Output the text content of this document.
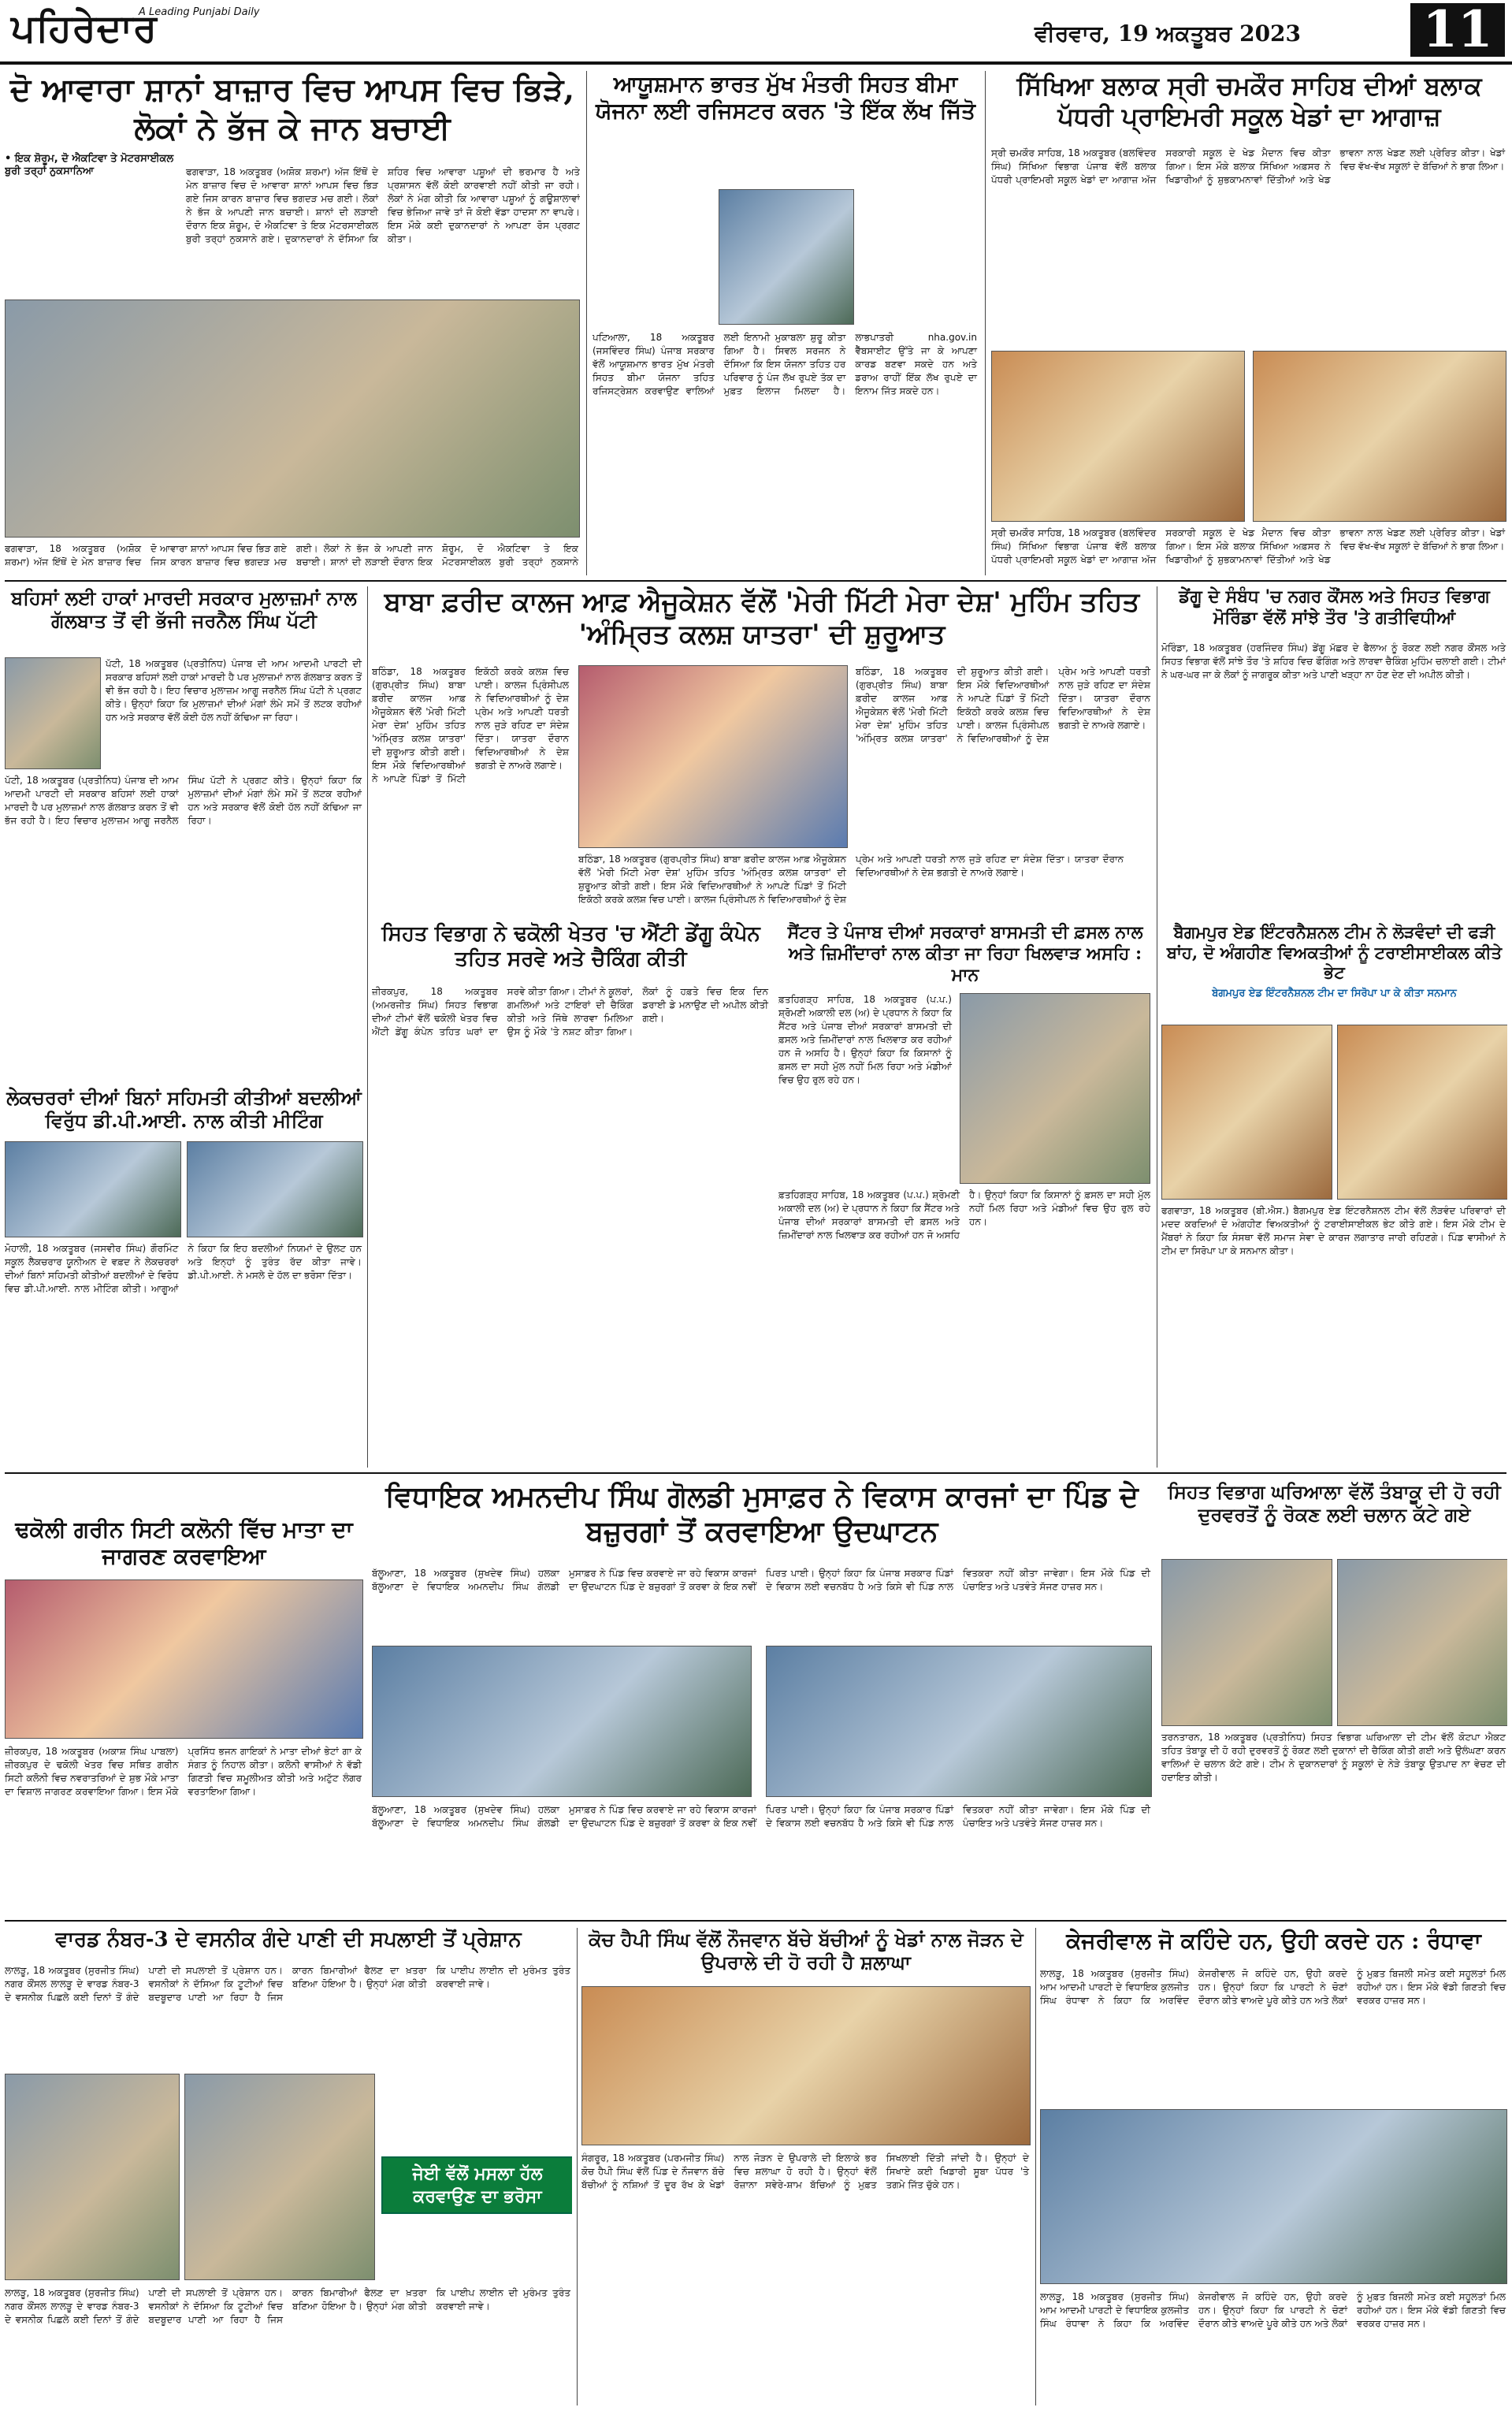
ਪਹਿਰੇਦਾਰ
A Leading Punjabi Daily
ਵੀਰਵਾਰ, 19 ਅਕਤੂਬਰ 2023	11
ਦੋ ਆਵਾਰਾ ਸ਼ਾਨਾਂ ਬਾਜ਼ਾਰ ਵਿਚ ਆਪਸ ਵਿਚ ਭਿੜੇ, ਲੋਕਾਂ ਨੇ ਭੱਜ ਕੇ ਜਾਨ ਬਚਾਈ
• ਇਕ ਸ਼ੋਰੂਮ, ਦੋ ਐਕਟਿਵਾ ਤੇ ਮੋਟਰਸਾਈਕਲ ਬੁਰੀ ਤਰ੍ਹਾਂ ਨੁਕਸਾਨਿਆ	ਫਗਵਾੜਾ, 18 ਅਕਤੂਬਰ (ਅਸ਼ੋਕ ਸ਼ਰਮਾ) ਅੱਜ ਇੱਥੋਂ ਦੇ ਮੇਨ ਬਾਜ਼ਾਰ ਵਿਚ ਦੋ ਆਵਾਰਾ ਸ਼ਾਨਾਂ ਆਪਸ ਵਿਚ ਭਿੜ ਗਏ ਜਿਸ ਕਾਰਨ ਬਾਜ਼ਾਰ ਵਿਚ ਭਗਦੜ ਮਚ ਗਈ। ਲੋਕਾਂ ਨੇ ਭੱਜ ਕੇ ਆਪਣੀ ਜਾਨ ਬਚਾਈ। ਸ਼ਾਨਾਂ ਦੀ ਲੜਾਈ ਦੌਰਾਨ ਇਕ ਸ਼ੋਰੂਮ, ਦੋ ਐਕਟਿਵਾ ਤੇ ਇਕ ਮੋਟਰਸਾਈਕਲ ਬੁਰੀ ਤਰ੍ਹਾਂ ਨੁਕਸਾਨੇ ਗਏ। ਦੁਕਾਨਦਾਰਾਂ ਨੇ ਦੱਸਿਆ ਕਿ ਸ਼ਹਿਰ ਵਿਚ ਆਵਾਰਾ ਪਸ਼ੂਆਂ ਦੀ ਭਰਮਾਰ ਹੈ ਅਤੇ ਪ੍ਰਸ਼ਾਸਨ ਵੱਲੋਂ ਕੋਈ ਕਾਰਵਾਈ ਨਹੀਂ ਕੀਤੀ ਜਾ ਰਹੀ। ਲੋਕਾਂ ਨੇ ਮੰਗ ਕੀਤੀ ਕਿ ਆਵਾਰਾ ਪਸ਼ੂਆਂ ਨੂੰ ਗਊਸ਼ਾਲਾਵਾਂ ਵਿਚ ਭੇਜਿਆ ਜਾਵੇ ਤਾਂ ਜੋ ਕੋਈ ਵੱਡਾ ਹਾਦਸਾ ਨਾ ਵਾਪਰੇ। ਇਸ ਮੌਕੇ ਕਈ ਦੁਕਾਨਦਾਰਾਂ ਨੇ ਆਪਣਾ ਰੋਸ ਪ੍ਰਗਟ ਕੀਤਾ।
ਫਗਵਾੜਾ, 18 ਅਕਤੂਬਰ (ਅਸ਼ੋਕ ਸ਼ਰਮਾ) ਅੱਜ ਇੱਥੋਂ ਦੇ ਮੇਨ ਬਾਜ਼ਾਰ ਵਿਚ ਦੋ ਆਵਾਰਾ ਸ਼ਾਨਾਂ ਆਪਸ ਵਿਚ ਭਿੜ ਗਏ ਜਿਸ ਕਾਰਨ ਬਾਜ਼ਾਰ ਵਿਚ ਭਗਦੜ ਮਚ ਗਈ। ਲੋਕਾਂ ਨੇ ਭੱਜ ਕੇ ਆਪਣੀ ਜਾਨ ਬਚਾਈ। ਸ਼ਾਨਾਂ ਦੀ ਲੜਾਈ ਦੌਰਾਨ ਇਕ ਸ਼ੋਰੂਮ, ਦੋ ਐਕਟਿਵਾ ਤੇ ਇਕ ਮੋਟਰਸਾਈਕਲ ਬੁਰੀ ਤਰ੍ਹਾਂ ਨੁਕਸਾਨੇ
ਆਯੂਸ਼ਮਾਨ ਭਾਰਤ ਮੁੱਖ ਮੰਤਰੀ ਸਿਹਤ ਬੀਮਾ ਯੋਜਨਾ ਲਈ ਰਜਿਸਟਰ ਕਰਨ 'ਤੇ ਇੱਕ ਲੱਖ ਜਿੱਤੋ
ਪਟਿਆਲਾ, 18 ਅਕਤੂਬਰ (ਜਸਵਿੰਦਰ ਸਿੰਘ) ਪੰਜਾਬ ਸਰਕਾਰ ਵੱਲੋਂ ਆਯੂਸ਼ਮਾਨ ਭਾਰਤ ਮੁੱਖ ਮੰਤਰੀ ਸਿਹਤ ਬੀਮਾ ਯੋਜਨਾ ਤਹਿਤ ਰਜਿਸਟ੍ਰੇਸ਼ਨ ਕਰਵਾਉਣ ਵਾਲਿਆਂ ਲਈ ਇਨਾਮੀ ਮੁਕਾਬਲਾ ਸ਼ੁਰੂ ਕੀਤਾ ਗਿਆ ਹੈ। ਸਿਵਲ ਸਰਜਨ ਨੇ ਦੱਸਿਆ ਕਿ ਇਸ ਯੋਜਨਾ ਤਹਿਤ ਹਰ ਪਰਿਵਾਰ ਨੂੰ ਪੰਜ ਲੱਖ ਰੁਪਏ ਤੱਕ ਦਾ ਮੁਫ਼ਤ ਇਲਾਜ ਮਿਲਦਾ ਹੈ। ਲਾਭਪਾਤਰੀ nha.gov.in ਵੈੱਬਸਾਈਟ ਉੱਤੇ ਜਾ ਕੇ ਆਪਣਾ ਕਾਰਡ ਬਣਵਾ ਸਕਦੇ ਹਨ ਅਤੇ ਡਰਾਅ ਰਾਹੀਂ ਇੱਕ ਲੱਖ ਰੁਪਏ ਦਾ ਇਨਾਮ ਜਿੱਤ ਸਕਦੇ ਹਨ।
ਸਿੱਖਿਆ ਬਲਾਕ ਸ੍ਰੀ ਚਮਕੌਰ ਸਾਹਿਬ ਦੀਆਂ ਬਲਾਕ ਪੱਧਰੀ ਪ੍ਰਾਇਮਰੀ ਸਕੂਲ ਖੇਡਾਂ ਦਾ ਆਗਾਜ਼
ਸ੍ਰੀ ਚਮਕੌਰ ਸਾਹਿਬ, 18 ਅਕਤੂਬਰ (ਬਲਵਿੰਦਰ ਸਿੰਘ) ਸਿੱਖਿਆ ਵਿਭਾਗ ਪੰਜਾਬ ਵੱਲੋਂ ਬਲਾਕ ਪੱਧਰੀ ਪ੍ਰਾਇਮਰੀ ਸਕੂਲ ਖੇਡਾਂ ਦਾ ਆਗਾਜ਼ ਅੱਜ ਸਰਕਾਰੀ ਸਕੂਲ ਦੇ ਖੇਡ ਮੈਦਾਨ ਵਿਚ ਕੀਤਾ ਗਿਆ। ਇਸ ਮੌਕੇ ਬਲਾਕ ਸਿੱਖਿਆ ਅਫ਼ਸਰ ਨੇ ਖਿਡਾਰੀਆਂ ਨੂੰ ਸ਼ੁਭਕਾਮਨਾਵਾਂ ਦਿੱਤੀਆਂ ਅਤੇ ਖੇਡ ਭਾਵਨਾ ਨਾਲ ਖੇਡਣ ਲਈ ਪ੍ਰੇਰਿਤ ਕੀਤਾ। ਖੇਡਾਂ ਵਿਚ ਵੱਖ-ਵੱਖ ਸਕੂਲਾਂ ਦੇ ਬੱਚਿਆਂ ਨੇ ਭਾਗ ਲਿਆ।
ਸ੍ਰੀ ਚਮਕੌਰ ਸਾਹਿਬ, 18 ਅਕਤੂਬਰ (ਬਲਵਿੰਦਰ ਸਿੰਘ) ਸਿੱਖਿਆ ਵਿਭਾਗ ਪੰਜਾਬ ਵੱਲੋਂ ਬਲਾਕ ਪੱਧਰੀ ਪ੍ਰਾਇਮਰੀ ਸਕੂਲ ਖੇਡਾਂ ਦਾ ਆਗਾਜ਼ ਅੱਜ ਸਰਕਾਰੀ ਸਕੂਲ ਦੇ ਖੇਡ ਮੈਦਾਨ ਵਿਚ ਕੀਤਾ ਗਿਆ। ਇਸ ਮੌਕੇ ਬਲਾਕ ਸਿੱਖਿਆ ਅਫ਼ਸਰ ਨੇ ਖਿਡਾਰੀਆਂ ਨੂੰ ਸ਼ੁਭਕਾਮਨਾਵਾਂ ਦਿੱਤੀਆਂ ਅਤੇ ਖੇਡ ਭਾਵਨਾ ਨਾਲ ਖੇਡਣ ਲਈ ਪ੍ਰੇਰਿਤ ਕੀਤਾ। ਖੇਡਾਂ ਵਿਚ ਵੱਖ-ਵੱਖ ਸਕੂਲਾਂ ਦੇ ਬੱਚਿਆਂ ਨੇ ਭਾਗ ਲਿਆ।
ਬਹਿਸਾਂ ਲਈ ਹਾਕਾਂ ਮਾਰਦੀ ਸਰਕਾਰ ਮੁਲਾਜ਼ਮਾਂ ਨਾਲ ਗੱਲਬਾਤ ਤੋਂ ਵੀ ਭੱਜੀ ਜਰਨੈਲ ਸਿੰਘ ਪੱਟੀ
ਪੱਟੀ, 18 ਅਕਤੂਬਰ (ਪ੍ਰਤੀਨਿਧ) ਪੰਜਾਬ ਦੀ ਆਮ ਆਦਮੀ ਪਾਰਟੀ ਦੀ ਸਰਕਾਰ ਬਹਿਸਾਂ ਲਈ ਹਾਕਾਂ ਮਾਰਦੀ ਹੈ ਪਰ ਮੁਲਾਜ਼ਮਾਂ ਨਾਲ ਗੱਲਬਾਤ ਕਰਨ ਤੋਂ ਵੀ ਭੱਜ ਰਹੀ ਹੈ। ਇਹ ਵਿਚਾਰ ਮੁਲਾਜ਼ਮ ਆਗੂ ਜਰਨੈਲ ਸਿੰਘ ਪੱਟੀ ਨੇ ਪ੍ਰਗਟ ਕੀਤੇ। ਉਨ੍ਹਾਂ ਕਿਹਾ ਕਿ ਮੁਲਾਜ਼ਮਾਂ ਦੀਆਂ ਮੰਗਾਂ ਲੰਮੇ ਸਮੇਂ ਤੋਂ ਲਟਕ ਰਹੀਆਂ ਹਨ ਅਤੇ ਸਰਕਾਰ ਵੱਲੋਂ ਕੋਈ ਹੱਲ ਨਹੀਂ ਕੱਢਿਆ ਜਾ ਰਿਹਾ।
ਪੱਟੀ, 18 ਅਕਤੂਬਰ (ਪ੍ਰਤੀਨਿਧ) ਪੰਜਾਬ ਦੀ ਆਮ ਆਦਮੀ ਪਾਰਟੀ ਦੀ ਸਰਕਾਰ ਬਹਿਸਾਂ ਲਈ ਹਾਕਾਂ ਮਾਰਦੀ ਹੈ ਪਰ ਮੁਲਾਜ਼ਮਾਂ ਨਾਲ ਗੱਲਬਾਤ ਕਰਨ ਤੋਂ ਵੀ ਭੱਜ ਰਹੀ ਹੈ। ਇਹ ਵਿਚਾਰ ਮੁਲਾਜ਼ਮ ਆਗੂ ਜਰਨੈਲ ਸਿੰਘ ਪੱਟੀ ਨੇ ਪ੍ਰਗਟ ਕੀਤੇ। ਉਨ੍ਹਾਂ ਕਿਹਾ ਕਿ ਮੁਲਾਜ਼ਮਾਂ ਦੀਆਂ ਮੰਗਾਂ ਲੰਮੇ ਸਮੇਂ ਤੋਂ ਲਟਕ ਰਹੀਆਂ ਹਨ ਅਤੇ ਸਰਕਾਰ ਵੱਲੋਂ ਕੋਈ ਹੱਲ ਨਹੀਂ ਕੱਢਿਆ ਜਾ ਰਿਹਾ।
ਬਾਬਾ ਫ਼ਰੀਦ ਕਾਲਜ ਆਫ਼ ਐਜੂਕੇਸ਼ਨ ਵੱਲੋਂ 'ਮੇਰੀ ਮਿੱਟੀ ਮੇਰਾ ਦੇਸ਼' ਮੁਹਿੰਮ ਤਹਿਤ 'ਅੰਮ੍ਰਿਤ ਕਲਸ਼ ਯਾਤਰਾ' ਦੀ ਸ਼ੁਰੂਆਤ
ਬਠਿੰਡਾ, 18 ਅਕਤੂਬਰ (ਗੁਰਪ੍ਰੀਤ ਸਿੰਘ) ਬਾਬਾ ਫ਼ਰੀਦ ਕਾਲਜ ਆਫ਼ ਐਜੂਕੇਸ਼ਨ ਵੱਲੋਂ 'ਮੇਰੀ ਮਿੱਟੀ ਮੇਰਾ ਦੇਸ਼' ਮੁਹਿੰਮ ਤਹਿਤ 'ਅੰਮ੍ਰਿਤ ਕਲਸ਼ ਯਾਤਰਾ' ਦੀ ਸ਼ੁਰੂਆਤ ਕੀਤੀ ਗਈ। ਇਸ ਮੌਕੇ ਵਿਦਿਆਰਥੀਆਂ ਨੇ ਆਪਣੇ ਪਿੰਡਾਂ ਤੋਂ ਮਿੱਟੀ ਇਕੱਠੀ ਕਰਕੇ ਕਲਸ਼ ਵਿਚ ਪਾਈ। ਕਾਲਜ ਪ੍ਰਿੰਸੀਪਲ ਨੇ ਵਿਦਿਆਰਥੀਆਂ ਨੂੰ ਦੇਸ਼ ਪ੍ਰੇਮ ਅਤੇ ਆਪਣੀ ਧਰਤੀ ਨਾਲ ਜੁੜੇ ਰਹਿਣ ਦਾ ਸੰਦੇਸ਼ ਦਿੱਤਾ। ਯਾਤਰਾ ਦੌਰਾਨ ਵਿਦਿਆਰਥੀਆਂ ਨੇ ਦੇਸ਼ ਭਗਤੀ ਦੇ ਨਾਅਰੇ ਲਗਾਏ।
ਬਠਿੰਡਾ, 18 ਅਕਤੂਬਰ (ਗੁਰਪ੍ਰੀਤ ਸਿੰਘ) ਬਾਬਾ ਫ਼ਰੀਦ ਕਾਲਜ ਆਫ਼ ਐਜੂਕੇਸ਼ਨ ਵੱਲੋਂ 'ਮੇਰੀ ਮਿੱਟੀ ਮੇਰਾ ਦੇਸ਼' ਮੁਹਿੰਮ ਤਹਿਤ 'ਅੰਮ੍ਰਿਤ ਕਲਸ਼ ਯਾਤਰਾ' ਦੀ ਸ਼ੁਰੂਆਤ ਕੀਤੀ ਗਈ। ਇਸ ਮੌਕੇ ਵਿਦਿਆਰਥੀਆਂ ਨੇ ਆਪਣੇ ਪਿੰਡਾਂ ਤੋਂ ਮਿੱਟੀ ਇਕੱਠੀ ਕਰਕੇ ਕਲਸ਼ ਵਿਚ ਪਾਈ। ਕਾਲਜ ਪ੍ਰਿੰਸੀਪਲ ਨੇ ਵਿਦਿਆਰਥੀਆਂ ਨੂੰ ਦੇਸ਼ ਪ੍ਰੇਮ ਅਤੇ ਆਪਣੀ ਧਰਤੀ ਨਾਲ ਜੁੜੇ ਰਹਿਣ ਦਾ ਸੰਦੇਸ਼ ਦਿੱਤਾ। ਯਾਤਰਾ ਦੌਰਾਨ ਵਿਦਿਆਰਥੀਆਂ ਨੇ ਦੇਸ਼ ਭਗਤੀ ਦੇ ਨਾਅਰੇ ਲਗਾਏ।
ਬਠਿੰਡਾ, 18 ਅਕਤੂਬਰ (ਗੁਰਪ੍ਰੀਤ ਸਿੰਘ) ਬਾਬਾ ਫ਼ਰੀਦ ਕਾਲਜ ਆਫ਼ ਐਜੂਕੇਸ਼ਨ ਵੱਲੋਂ 'ਮੇਰੀ ਮਿੱਟੀ ਮੇਰਾ ਦੇਸ਼' ਮੁਹਿੰਮ ਤਹਿਤ 'ਅੰਮ੍ਰਿਤ ਕਲਸ਼ ਯਾਤਰਾ' ਦੀ ਸ਼ੁਰੂਆਤ ਕੀਤੀ ਗਈ। ਇਸ ਮੌਕੇ ਵਿਦਿਆਰਥੀਆਂ ਨੇ ਆਪਣੇ ਪਿੰਡਾਂ ਤੋਂ ਮਿੱਟੀ ਇਕੱਠੀ ਕਰਕੇ ਕਲਸ਼ ਵਿਚ ਪਾਈ। ਕਾਲਜ ਪ੍ਰਿੰਸੀਪਲ ਨੇ ਵਿਦਿਆਰਥੀਆਂ ਨੂੰ ਦੇਸ਼ ਪ੍ਰੇਮ ਅਤੇ ਆਪਣੀ ਧਰਤੀ ਨਾਲ ਜੁੜੇ ਰਹਿਣ ਦਾ ਸੰਦੇਸ਼ ਦਿੱਤਾ। ਯਾਤਰਾ ਦੌਰਾਨ ਵਿਦਿਆਰਥੀਆਂ ਨੇ ਦੇਸ਼ ਭਗਤੀ ਦੇ ਨਾਅਰੇ ਲਗਾਏ।
ਡੇਂਗੂ ਦੇ ਸੰਬੰਧ 'ਚ ਨਗਰ ਕੌਂਸਲ ਅਤੇ ਸਿਹਤ ਵਿਭਾਗ ਮੋਰਿੰਡਾ ਵੱਲੋਂ ਸਾਂਝੇ ਤੌਰ 'ਤੇ ਗਤੀਵਿਧੀਆਂ
ਮੋਰਿੰਡਾ, 18 ਅਕਤੂਬਰ (ਹਰਜਿੰਦਰ ਸਿੰਘ) ਡੇਂਗੂ ਮੱਛਰ ਦੇ ਫੈਲਾਅ ਨੂੰ ਰੋਕਣ ਲਈ ਨਗਰ ਕੌਂਸਲ ਅਤੇ ਸਿਹਤ ਵਿਭਾਗ ਵੱਲੋਂ ਸਾਂਝੇ ਤੌਰ 'ਤੇ ਸ਼ਹਿਰ ਵਿਚ ਫੌਗਿੰਗ ਅਤੇ ਲਾਰਵਾ ਚੈਕਿੰਗ ਮੁਹਿੰਮ ਚਲਾਈ ਗਈ। ਟੀਮਾਂ ਨੇ ਘਰ-ਘਰ ਜਾ ਕੇ ਲੋਕਾਂ ਨੂੰ ਜਾਗਰੂਕ ਕੀਤਾ ਅਤੇ ਪਾਣੀ ਖੜ੍ਹਾ ਨਾ ਹੋਣ ਦੇਣ ਦੀ ਅਪੀਲ ਕੀਤੀ।
ਲੇਕਚਰਰਾਂ ਦੀਆਂ ਬਿਨਾਂ ਸਹਿਮਤੀ ਕੀਤੀਆਂ ਬਦਲੀਆਂ ਵਿਰੁੱਧ ਡੀ.ਪੀ.ਆਈ. ਨਾਲ ਕੀਤੀ ਮੀਟਿੰਗ
ਮੋਹਾਲੀ, 18 ਅਕਤੂਬਰ (ਜਸਵੀਰ ਸਿੰਘ) ਗੌਰਮਿੰਟ ਸਕੂਲ ਲੈਕਚਰਾਰ ਯੂਨੀਅਨ ਦੇ ਵਫ਼ਦ ਨੇ ਲੇਕਚਰਰਾਂ ਦੀਆਂ ਬਿਨਾਂ ਸਹਿਮਤੀ ਕੀਤੀਆਂ ਬਦਲੀਆਂ ਦੇ ਵਿਰੋਧ ਵਿਚ ਡੀ.ਪੀ.ਆਈ. ਨਾਲ ਮੀਟਿੰਗ ਕੀਤੀ। ਆਗੂਆਂ ਨੇ ਕਿਹਾ ਕਿ ਇਹ ਬਦਲੀਆਂ ਨਿਯਮਾਂ ਦੇ ਉਲਟ ਹਨ ਅਤੇ ਇਨ੍ਹਾਂ ਨੂੰ ਤੁਰੰਤ ਰੱਦ ਕੀਤਾ ਜਾਵੇ। ਡੀ.ਪੀ.ਆਈ. ਨੇ ਮਸਲੇ ਦੇ ਹੱਲ ਦਾ ਭਰੋਸਾ ਦਿੱਤਾ।
ਸਿਹਤ ਵਿਭਾਗ ਨੇ ਢਕੋਲੀ ਖੇਤਰ 'ਚ ਐਂਟੀ ਡੇਂਗੂ ਕੰਪੇਨ ਤਹਿਤ ਸਰਵੇ ਅਤੇ ਚੈਕਿੰਗ ਕੀਤੀ
ਜ਼ੀਰਕਪੁਰ, 18 ਅਕਤੂਬਰ (ਅਮਰਜੀਤ ਸਿੰਘ) ਸਿਹਤ ਵਿਭਾਗ ਦੀਆਂ ਟੀਮਾਂ ਵੱਲੋਂ ਢਕੋਲੀ ਖੇਤਰ ਵਿਚ ਐਂਟੀ ਡੇਂਗੂ ਕੰਪੇਨ ਤਹਿਤ ਘਰਾਂ ਦਾ ਸਰਵੇ ਕੀਤਾ ਗਿਆ। ਟੀਮਾਂ ਨੇ ਕੂਲਰਾਂ, ਗਮਲਿਆਂ ਅਤੇ ਟਾਇਰਾਂ ਦੀ ਚੈਕਿੰਗ ਕੀਤੀ ਅਤੇ ਜਿੱਥੇ ਲਾਰਵਾ ਮਿਲਿਆ ਉਸ ਨੂੰ ਮੌਕੇ 'ਤੇ ਨਸ਼ਟ ਕੀਤਾ ਗਿਆ। ਲੋਕਾਂ ਨੂੰ ਹਫ਼ਤੇ ਵਿਚ ਇਕ ਦਿਨ ਡਰਾਈ ਡੇ ਮਨਾਉਣ ਦੀ ਅਪੀਲ ਕੀਤੀ ਗਈ।
ਸੈਂਟਰ ਤੇ ਪੰਜਾਬ ਦੀਆਂ ਸਰਕਾਰਾਂ ਬਾਸਮਤੀ ਦੀ ਫ਼ਸਲ ਨਾਲ ਅਤੇ ਜ਼ਿਮੀਂਦਾਰਾਂ ਨਾਲ ਕੀਤਾ ਜਾ ਰਿਹਾ ਖਿਲਵਾੜ ਅਸਹਿ : ਮਾਨ
ਫ਼ਤਹਿਗੜ੍ਹ ਸਾਹਿਬ, 18 ਅਕਤੂਬਰ (ਪ.ਪ.) ਸ਼੍ਰੋਮਣੀ ਅਕਾਲੀ ਦਲ (ਅ) ਦੇ ਪ੍ਰਧਾਨ ਨੇ ਕਿਹਾ ਕਿ ਸੈਂਟਰ ਅਤੇ ਪੰਜਾਬ ਦੀਆਂ ਸਰਕਾਰਾਂ ਬਾਸਮਤੀ ਦੀ ਫ਼ਸਲ ਅਤੇ ਜ਼ਿਮੀਂਦਾਰਾਂ ਨਾਲ ਖਿਲਵਾੜ ਕਰ ਰਹੀਆਂ ਹਨ ਜੋ ਅਸਹਿ ਹੈ। ਉਨ੍ਹਾਂ ਕਿਹਾ ਕਿ ਕਿਸਾਨਾਂ ਨੂੰ ਫ਼ਸਲ ਦਾ ਸਹੀ ਮੁੱਲ ਨਹੀਂ ਮਿਲ ਰਿਹਾ ਅਤੇ ਮੰਡੀਆਂ ਵਿਚ ਉਹ ਰੁਲ ਰਹੇ ਹਨ।
ਫ਼ਤਹਿਗੜ੍ਹ ਸਾਹਿਬ, 18 ਅਕਤੂਬਰ (ਪ.ਪ.) ਸ਼੍ਰੋਮਣੀ ਅਕਾਲੀ ਦਲ (ਅ) ਦੇ ਪ੍ਰਧਾਨ ਨੇ ਕਿਹਾ ਕਿ ਸੈਂਟਰ ਅਤੇ ਪੰਜਾਬ ਦੀਆਂ ਸਰਕਾਰਾਂ ਬਾਸਮਤੀ ਦੀ ਫ਼ਸਲ ਅਤੇ ਜ਼ਿਮੀਂਦਾਰਾਂ ਨਾਲ ਖਿਲਵਾੜ ਕਰ ਰਹੀਆਂ ਹਨ ਜੋ ਅਸਹਿ ਹੈ। ਉਨ੍ਹਾਂ ਕਿਹਾ ਕਿ ਕਿਸਾਨਾਂ ਨੂੰ ਫ਼ਸਲ ਦਾ ਸਹੀ ਮੁੱਲ ਨਹੀਂ ਮਿਲ ਰਿਹਾ ਅਤੇ ਮੰਡੀਆਂ ਵਿਚ ਉਹ ਰੁਲ ਰਹੇ ਹਨ।
ਬੈਗਮਪੁਰ ਏਡ ਇੰਟਰਨੈਸ਼ਨਲ ਟੀਮ ਨੇ ਲੋੜਵੰਦਾਂ ਦੀ ਫੜੀ ਬਾਂਹ, ਦੋ ਅੰਗਹੀਣ ਵਿਅਕਤੀਆਂ ਨੂੰ ਟਰਾਈਸਾਈਕਲ ਕੀਤੇ ਭੇਟ
ਬੇਗਮਪੁਰ ਏਡ ਇੰਟਰਨੈਸ਼ਨਲ ਟੀਮ ਦਾ ਸਿਰੋਪਾ ਪਾ ਕੇ ਕੀਤਾ ਸਨਮਾਨ
ਫਗਵਾੜਾ, 18 ਅਕਤੂਬਰ (ਬੀ.ਐਸ.) ਬੈਗਮਪੁਰ ਏਡ ਇੰਟਰਨੈਸ਼ਨਲ ਟੀਮ ਵੱਲੋਂ ਲੋੜਵੰਦ ਪਰਿਵਾਰਾਂ ਦੀ ਮਦਦ ਕਰਦਿਆਂ ਦੋ ਅੰਗਹੀਣ ਵਿਅਕਤੀਆਂ ਨੂੰ ਟਰਾਈਸਾਈਕਲ ਭੇਟ ਕੀਤੇ ਗਏ। ਇਸ ਮੌਕੇ ਟੀਮ ਦੇ ਮੈਂਬਰਾਂ ਨੇ ਕਿਹਾ ਕਿ ਸੰਸਥਾ ਵੱਲੋਂ ਸਮਾਜ ਸੇਵਾ ਦੇ ਕਾਰਜ ਲਗਾਤਾਰ ਜਾਰੀ ਰਹਿਣਗੇ। ਪਿੰਡ ਵਾਸੀਆਂ ਨੇ ਟੀਮ ਦਾ ਸਿਰੋਪਾ ਪਾ ਕੇ ਸਨਮਾਨ ਕੀਤਾ।
ਢਕੋਲੀ ਗਰੀਨ ਸਿਟੀ ਕਲੋਨੀ ਵਿੱਚ ਮਾਤਾ ਦਾ ਜਾਗਰਣ ਕਰਵਾਇਆ
ਜ਼ੀਰਕਪੁਰ, 18 ਅਕਤੂਬਰ (ਅਕਾਸ਼ ਸਿੰਘ ਪਾਬਲਾ) ਜ਼ੀਰਕਪੁਰ ਦੇ ਢਕੋਲੀ ਖੇਤਰ ਵਿਚ ਸਥਿਤ ਗਰੀਨ ਸਿਟੀ ਕਲੋਨੀ ਵਿਚ ਨਵਰਾਤਰਿਆਂ ਦੇ ਸ਼ੁਭ ਮੌਕੇ ਮਾਤਾ ਦਾ ਵਿਸ਼ਾਲ ਜਾਗਰਣ ਕਰਵਾਇਆ ਗਿਆ। ਇਸ ਮੌਕੇ ਪ੍ਰਸਿੱਧ ਭਜਨ ਗਾਇਕਾਂ ਨੇ ਮਾਤਾ ਦੀਆਂ ਭੇਟਾਂ ਗਾ ਕੇ ਸੰਗਤ ਨੂੰ ਨਿਹਾਲ ਕੀਤਾ। ਕਲੋਨੀ ਵਾਸੀਆਂ ਨੇ ਵੱਡੀ ਗਿਣਤੀ ਵਿਚ ਸ਼ਮੂਲੀਅਤ ਕੀਤੀ ਅਤੇ ਅਟੁੱਟ ਲੰਗਰ ਵਰਤਾਇਆ ਗਿਆ।
ਵਿਧਾਇਕ ਅਮਨਦੀਪ ਸਿੰਘ ਗੋਲਡੀ ਮੁਸਾਫ਼ਰ ਨੇ ਵਿਕਾਸ ਕਾਰਜਾਂ ਦਾ ਪਿੰਡ ਦੇ ਬਜ਼ੁਰਗਾਂ ਤੋਂ ਕਰਵਾਇਆ ਉਦਘਾਟਨ
ਬੱਲੂਆਣਾ, 18 ਅਕਤੂਬਰ (ਸੁਖਦੇਵ ਸਿੰਘ) ਹਲਕਾ ਬੱਲੂਆਣਾ ਦੇ ਵਿਧਾਇਕ ਅਮਨਦੀਪ ਸਿੰਘ ਗੋਲਡੀ ਮੁਸਾਫ਼ਰ ਨੇ ਪਿੰਡ ਵਿਚ ਕਰਵਾਏ ਜਾ ਰਹੇ ਵਿਕਾਸ ਕਾਰਜਾਂ ਦਾ ਉਦਘਾਟਨ ਪਿੰਡ ਦੇ ਬਜ਼ੁਰਗਾਂ ਤੋਂ ਕਰਵਾ ਕੇ ਇਕ ਨਵੀਂ ਪਿਰਤ ਪਾਈ। ਉਨ੍ਹਾਂ ਕਿਹਾ ਕਿ ਪੰਜਾਬ ਸਰਕਾਰ ਪਿੰਡਾਂ ਦੇ ਵਿਕਾਸ ਲਈ ਵਚਨਬੱਧ ਹੈ ਅਤੇ ਕਿਸੇ ਵੀ ਪਿੰਡ ਨਾਲ ਵਿਤਕਰਾ ਨਹੀਂ ਕੀਤਾ ਜਾਵੇਗਾ। ਇਸ ਮੌਕੇ ਪਿੰਡ ਦੀ ਪੰਚਾਇਤ ਅਤੇ ਪਤਵੰਤੇ ਸੱਜਣ ਹਾਜ਼ਰ ਸਨ।
ਬੱਲੂਆਣਾ, 18 ਅਕਤੂਬਰ (ਸੁਖਦੇਵ ਸਿੰਘ) ਹਲਕਾ ਬੱਲੂਆਣਾ ਦੇ ਵਿਧਾਇਕ ਅਮਨਦੀਪ ਸਿੰਘ ਗੋਲਡੀ ਮੁਸਾਫ਼ਰ ਨੇ ਪਿੰਡ ਵਿਚ ਕਰਵਾਏ ਜਾ ਰਹੇ ਵਿਕਾਸ ਕਾਰਜਾਂ ਦਾ ਉਦਘਾਟਨ ਪਿੰਡ ਦੇ ਬਜ਼ੁਰਗਾਂ ਤੋਂ ਕਰਵਾ ਕੇ ਇਕ ਨਵੀਂ ਪਿਰਤ ਪਾਈ। ਉਨ੍ਹਾਂ ਕਿਹਾ ਕਿ ਪੰਜਾਬ ਸਰਕਾਰ ਪਿੰਡਾਂ ਦੇ ਵਿਕਾਸ ਲਈ ਵਚਨਬੱਧ ਹੈ ਅਤੇ ਕਿਸੇ ਵੀ ਪਿੰਡ ਨਾਲ ਵਿਤਕਰਾ ਨਹੀਂ ਕੀਤਾ ਜਾਵੇਗਾ। ਇਸ ਮੌਕੇ ਪਿੰਡ ਦੀ ਪੰਚਾਇਤ ਅਤੇ ਪਤਵੰਤੇ ਸੱਜਣ ਹਾਜ਼ਰ ਸਨ।
ਸਿਹਤ ਵਿਭਾਗ ਘਰਿਆਲਾ ਵੱਲੋਂ ਤੰਬਾਕੂ ਦੀ ਹੋ ਰਹੀ ਦੁਰਵਰਤੋਂ ਨੂੰ ਰੋਕਣ ਲਈ ਚਲਾਨ ਕੱਟੇ ਗਏ
ਤਰਨਤਾਰਨ, 18 ਅਕਤੂਬਰ (ਪ੍ਰਤੀਨਿਧ) ਸਿਹਤ ਵਿਭਾਗ ਘਰਿਆਲਾ ਦੀ ਟੀਮ ਵੱਲੋਂ ਕੋਟਪਾ ਐਕਟ ਤਹਿਤ ਤੰਬਾਕੂ ਦੀ ਹੋ ਰਹੀ ਦੁਰਵਰਤੋਂ ਨੂੰ ਰੋਕਣ ਲਈ ਦੁਕਾਨਾਂ ਦੀ ਚੈਕਿੰਗ ਕੀਤੀ ਗਈ ਅਤੇ ਉਲੰਘਣਾ ਕਰਨ ਵਾਲਿਆਂ ਦੇ ਚਲਾਨ ਕੱਟੇ ਗਏ। ਟੀਮ ਨੇ ਦੁਕਾਨਦਾਰਾਂ ਨੂੰ ਸਕੂਲਾਂ ਦੇ ਨੇੜੇ ਤੰਬਾਕੂ ਉਤਪਾਦ ਨਾ ਵੇਚਣ ਦੀ ਹਦਾਇਤ ਕੀਤੀ।
ਵਾਰਡ ਨੰਬਰ-3 ਦੇ ਵਸਨੀਕ ਗੰਦੇ ਪਾਣੀ ਦੀ ਸਪਲਾਈ ਤੋਂ ਪ੍ਰੇਸ਼ਾਨ
ਲਾਲੜੂ, 18 ਅਕਤੂਬਰ (ਸੁਰਜੀਤ ਸਿੰਘ) ਨਗਰ ਕੌਂਸਲ ਲਾਲੜੂ ਦੇ ਵਾਰਡ ਨੰਬਰ-3 ਦੇ ਵਸਨੀਕ ਪਿਛਲੇ ਕਈ ਦਿਨਾਂ ਤੋਂ ਗੰਦੇ ਪਾਣੀ ਦੀ ਸਪਲਾਈ ਤੋਂ ਪ੍ਰੇਸ਼ਾਨ ਹਨ। ਵਸਨੀਕਾਂ ਨੇ ਦੱਸਿਆ ਕਿ ਟੂਟੀਆਂ ਵਿਚ ਬਦਬੂਦਾਰ ਪਾਣੀ ਆ ਰਿਹਾ ਹੈ ਜਿਸ ਕਾਰਨ ਬਿਮਾਰੀਆਂ ਫੈਲਣ ਦਾ ਖ਼ਤਰਾ ਬਣਿਆ ਹੋਇਆ ਹੈ। ਉਨ੍ਹਾਂ ਮੰਗ ਕੀਤੀ ਕਿ ਪਾਈਪ ਲਾਈਨ ਦੀ ਮੁਰੰਮਤ ਤੁਰੰਤ ਕਰਵਾਈ ਜਾਵੇ।
ਜੇਈ ਵੱਲੋਂ ਮਸਲਾ ਹੱਲ ਕਰਵਾਉਣ ਦਾ ਭਰੋਸਾ
ਲਾਲੜੂ, 18 ਅਕਤੂਬਰ (ਸੁਰਜੀਤ ਸਿੰਘ) ਨਗਰ ਕੌਂਸਲ ਲਾਲੜੂ ਦੇ ਵਾਰਡ ਨੰਬਰ-3 ਦੇ ਵਸਨੀਕ ਪਿਛਲੇ ਕਈ ਦਿਨਾਂ ਤੋਂ ਗੰਦੇ ਪਾਣੀ ਦੀ ਸਪਲਾਈ ਤੋਂ ਪ੍ਰੇਸ਼ਾਨ ਹਨ। ਵਸਨੀਕਾਂ ਨੇ ਦੱਸਿਆ ਕਿ ਟੂਟੀਆਂ ਵਿਚ ਬਦਬੂਦਾਰ ਪਾਣੀ ਆ ਰਿਹਾ ਹੈ ਜਿਸ ਕਾਰਨ ਬਿਮਾਰੀਆਂ ਫੈਲਣ ਦਾ ਖ਼ਤਰਾ ਬਣਿਆ ਹੋਇਆ ਹੈ। ਉਨ੍ਹਾਂ ਮੰਗ ਕੀਤੀ ਕਿ ਪਾਈਪ ਲਾਈਨ ਦੀ ਮੁਰੰਮਤ ਤੁਰੰਤ ਕਰਵਾਈ ਜਾਵੇ।
ਕੋਚ ਹੈਪੀ ਸਿੰਘ ਵੱਲੋਂ ਨੌਜਵਾਨ ਬੱਚੇ ਬੱਚੀਆਂ ਨੂੰ ਖੇਡਾਂ ਨਾਲ ਜੋੜਨ ਦੇ ਉਪਰਾਲੇ ਦੀ ਹੋ ਰਹੀ ਹੈ ਸ਼ਲਾਘਾ
ਸੰਗਰੂਰ, 18 ਅਕਤੂਬਰ (ਪਰਮਜੀਤ ਸਿੰਘ) ਕੋਚ ਹੈਪੀ ਸਿੰਘ ਵੱਲੋਂ ਪਿੰਡ ਦੇ ਨੌਜਵਾਨ ਬੱਚੇ ਬੱਚੀਆਂ ਨੂੰ ਨਸ਼ਿਆਂ ਤੋਂ ਦੂਰ ਰੱਖ ਕੇ ਖੇਡਾਂ ਨਾਲ ਜੋੜਨ ਦੇ ਉਪਰਾਲੇ ਦੀ ਇਲਾਕੇ ਭਰ ਵਿਚ ਸ਼ਲਾਘਾ ਹੋ ਰਹੀ ਹੈ। ਉਨ੍ਹਾਂ ਵੱਲੋਂ ਰੋਜ਼ਾਨਾ ਸਵੇਰੇ-ਸ਼ਾਮ ਬੱਚਿਆਂ ਨੂੰ ਮੁਫ਼ਤ ਸਿਖਲਾਈ ਦਿੱਤੀ ਜਾਂਦੀ ਹੈ। ਉਨ੍ਹਾਂ ਦੇ ਸਿਖਾਏ ਕਈ ਖਿਡਾਰੀ ਸੂਬਾ ਪੱਧਰ 'ਤੇ ਤਗਮੇ ਜਿੱਤ ਚੁੱਕੇ ਹਨ।
ਕੇਜਰੀਵਾਲ ਜੋ ਕਹਿੰਦੇ ਹਨ, ਉਹੀ ਕਰਦੇ ਹਨ : ਰੰਧਾਵਾ
ਲਾਲੜੂ, 18 ਅਕਤੂਬਰ (ਸੁਰਜੀਤ ਸਿੰਘ) ਆਮ ਆਦਮੀ ਪਾਰਟੀ ਦੇ ਵਿਧਾਇਕ ਕੁਲਜੀਤ ਸਿੰਘ ਰੰਧਾਵਾ ਨੇ ਕਿਹਾ ਕਿ ਅਰਵਿੰਦ ਕੇਜਰੀਵਾਲ ਜੋ ਕਹਿੰਦੇ ਹਨ, ਉਹੀ ਕਰਦੇ ਹਨ। ਉਨ੍ਹਾਂ ਕਿਹਾ ਕਿ ਪਾਰਟੀ ਨੇ ਚੋਣਾਂ ਦੌਰਾਨ ਕੀਤੇ ਵਾਅਦੇ ਪੂਰੇ ਕੀਤੇ ਹਨ ਅਤੇ ਲੋਕਾਂ ਨੂੰ ਮੁਫ਼ਤ ਬਿਜਲੀ ਸਮੇਤ ਕਈ ਸਹੂਲਤਾਂ ਮਿਲ ਰਹੀਆਂ ਹਨ। ਇਸ ਮੌਕੇ ਵੱਡੀ ਗਿਣਤੀ ਵਿਚ ਵਰਕਰ ਹਾਜ਼ਰ ਸਨ।
ਲਾਲੜੂ, 18 ਅਕਤੂਬਰ (ਸੁਰਜੀਤ ਸਿੰਘ) ਆਮ ਆਦਮੀ ਪਾਰਟੀ ਦੇ ਵਿਧਾਇਕ ਕੁਲਜੀਤ ਸਿੰਘ ਰੰਧਾਵਾ ਨੇ ਕਿਹਾ ਕਿ ਅਰਵਿੰਦ ਕੇਜਰੀਵਾਲ ਜੋ ਕਹਿੰਦੇ ਹਨ, ਉਹੀ ਕਰਦੇ ਹਨ। ਉਨ੍ਹਾਂ ਕਿਹਾ ਕਿ ਪਾਰਟੀ ਨੇ ਚੋਣਾਂ ਦੌਰਾਨ ਕੀਤੇ ਵਾਅਦੇ ਪੂਰੇ ਕੀਤੇ ਹਨ ਅਤੇ ਲੋਕਾਂ ਨੂੰ ਮੁਫ਼ਤ ਬਿਜਲੀ ਸਮੇਤ ਕਈ ਸਹੂਲਤਾਂ ਮਿਲ ਰਹੀਆਂ ਹਨ। ਇਸ ਮੌਕੇ ਵੱਡੀ ਗਿਣਤੀ ਵਿਚ ਵਰਕਰ ਹਾਜ਼ਰ ਸਨ।
